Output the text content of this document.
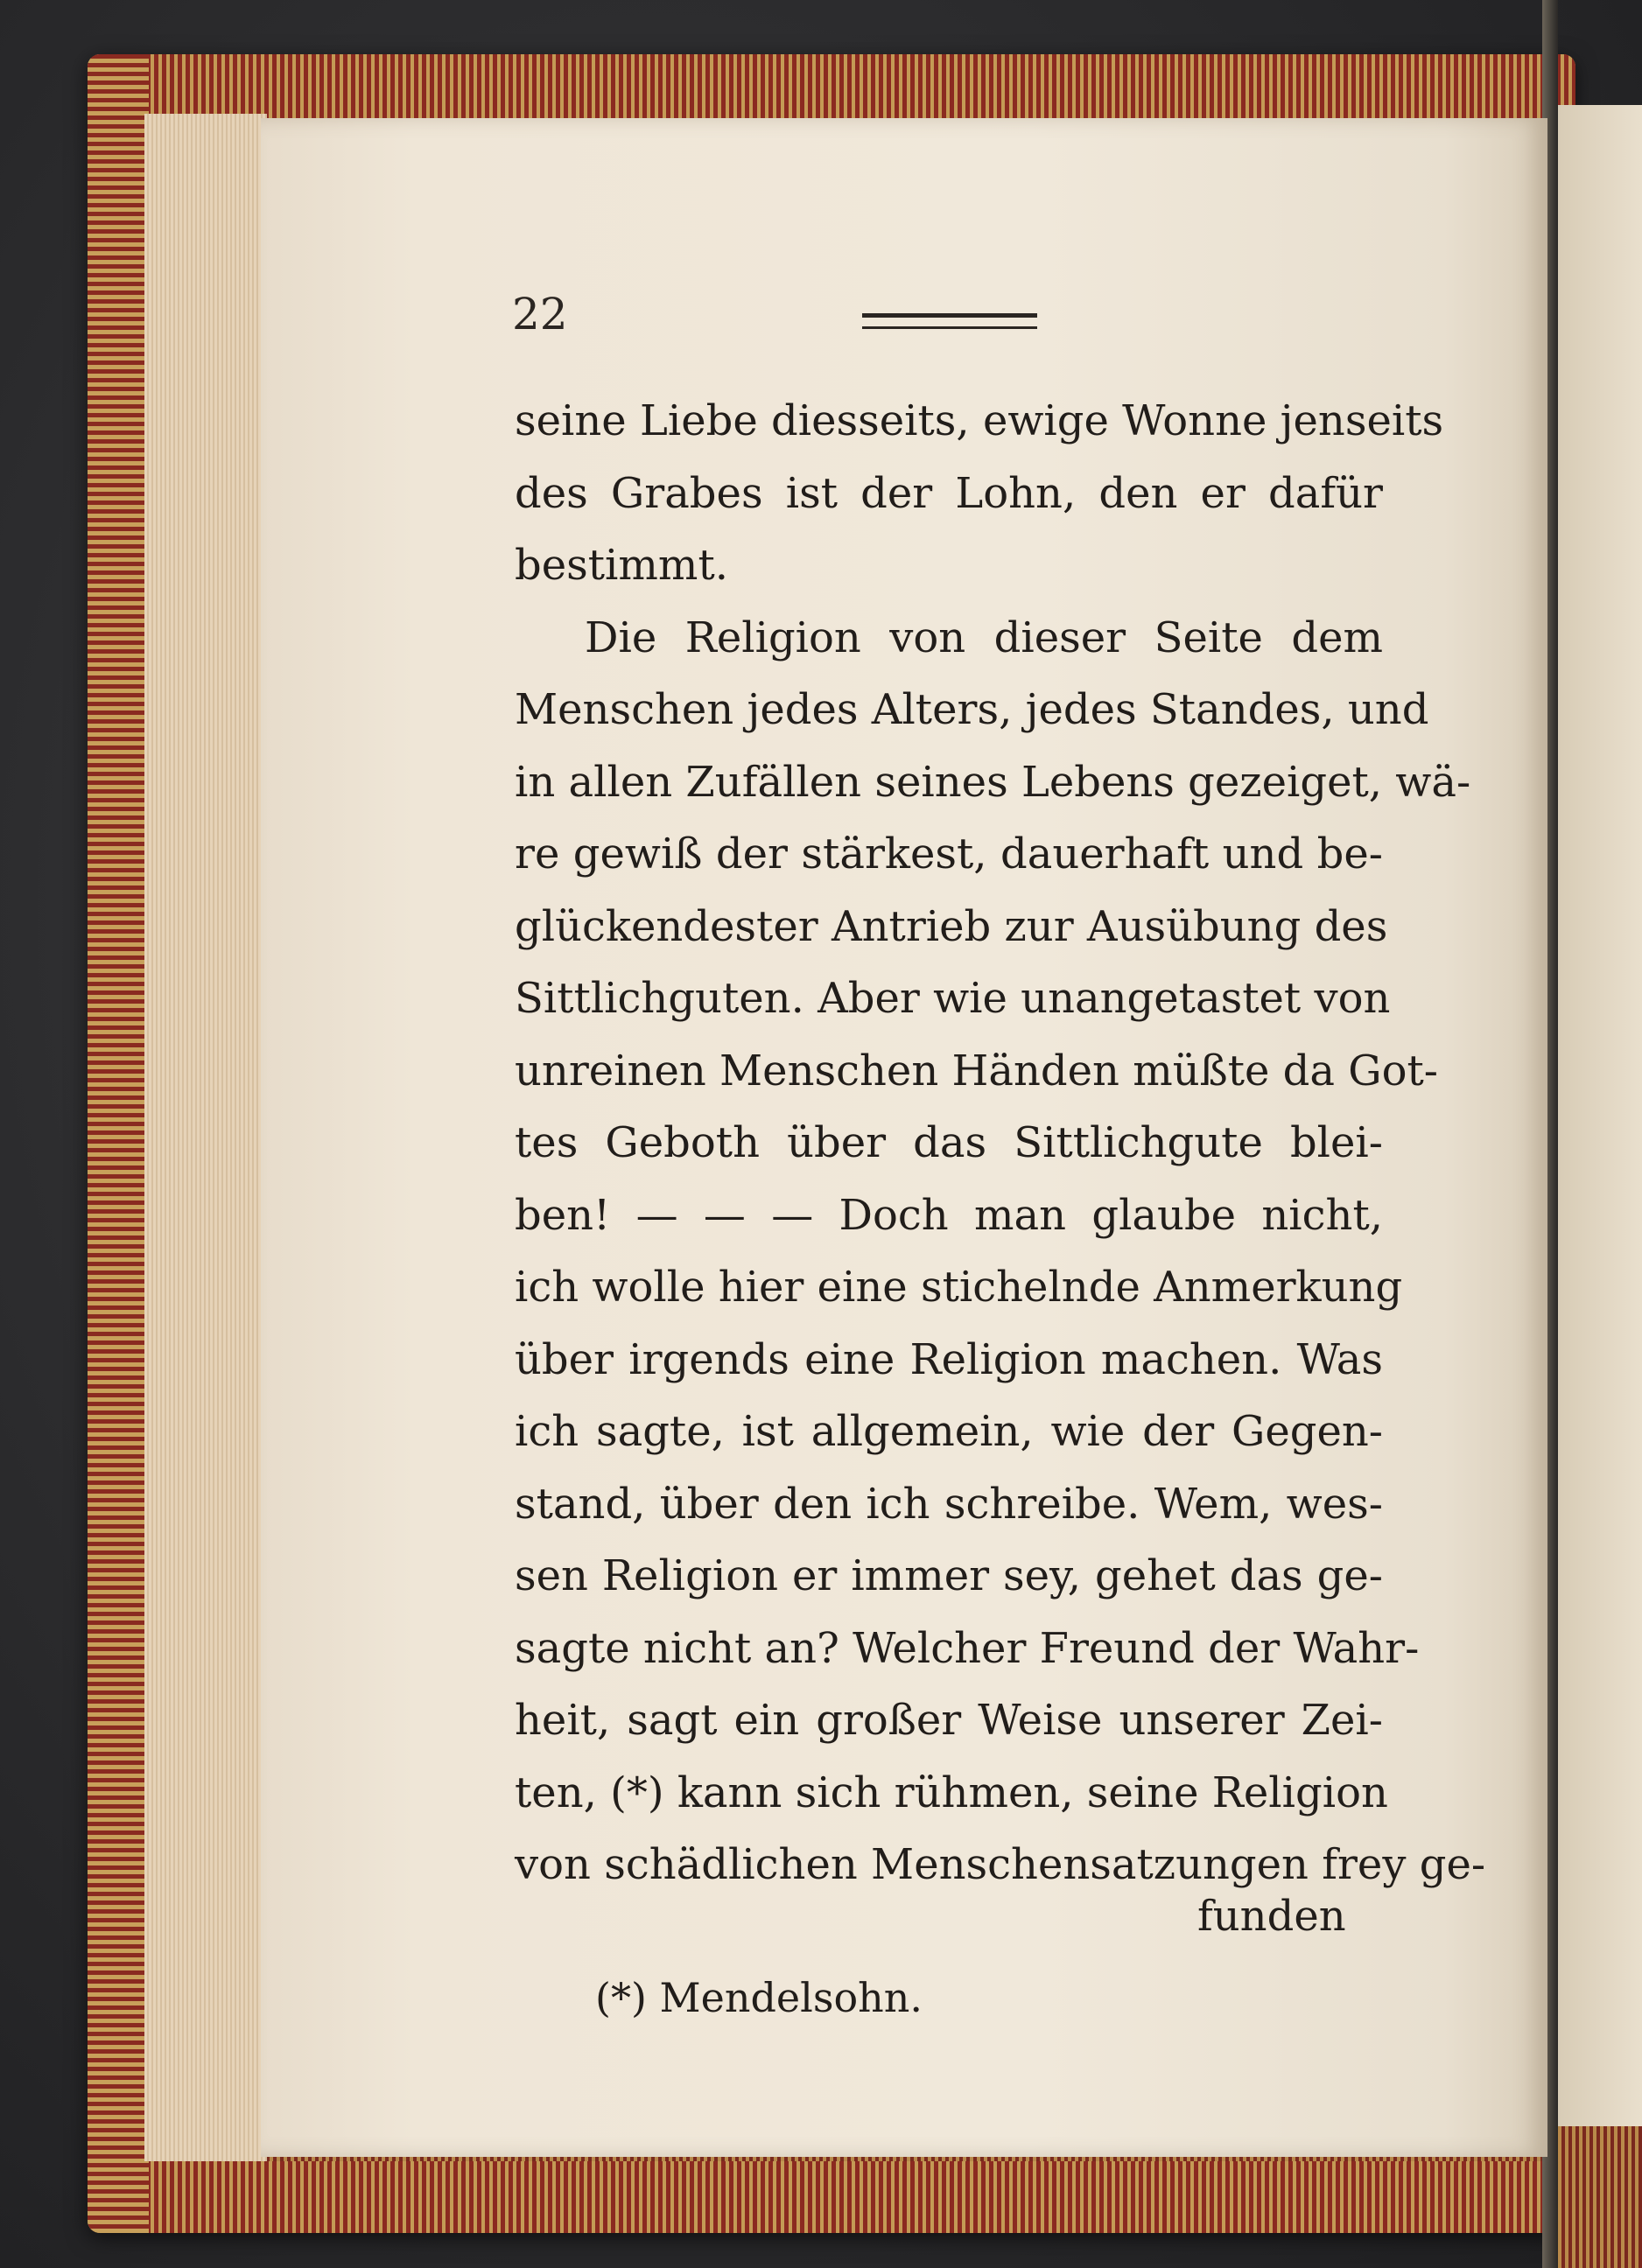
22

seine Liebe diesseits, ewige Wonne jenseits
des Grabes ist der Lohn, den er dafür
bestimmt.
Die Religion von dieser Seite dem
Menschen jedes Alters, jedes Standes, und
in allen Zufällen seines Lebens gezeiget, wä-
re gewiß der stärkest, dauerhaft und be-
glückendester Antrieb zur Ausübung des
Sittlichguten. Aber wie unangetastet von
unreinen Menschen Händen müßte da Got-
tes Geboth über das Sittlichgute blei-
ben! — — — Doch man glaube nicht,
ich wolle hier eine stichelnde Anmerkung
über irgends eine Religion machen. Was
ich sagte, ist allgemein, wie der Gegen-
stand, über den ich schreibe. Wem, wes-
sen Religion er immer sey, gehet das ge-
sagte nicht an? Welcher Freund der Wahr-
heit, sagt ein großer Weise unserer Zei-
ten, (*) kann sich rühmen, seine Religion
von schädlichen Menschensatzungen frey ge-

funden

(*) Mendelsohn.
